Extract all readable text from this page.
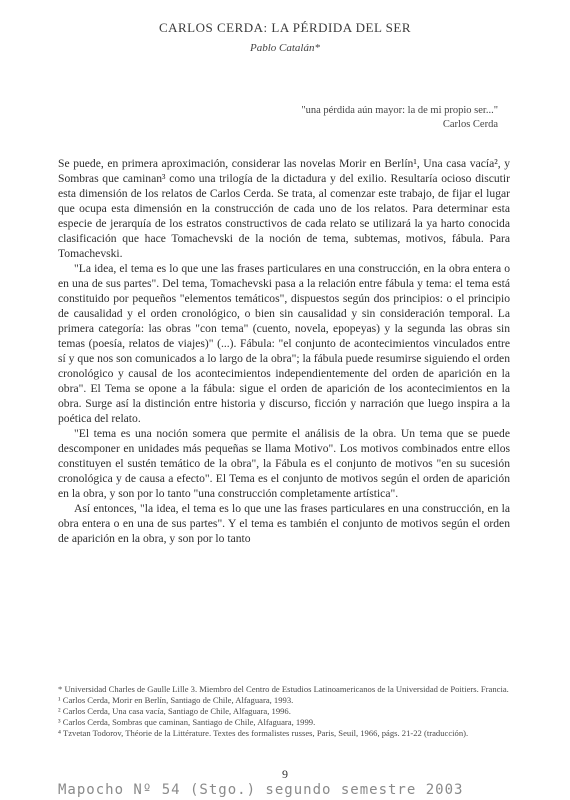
CARLOS CERDA: LA PÉRDIDA DEL SER
Pablo Catalán*
"una pérdida aún mayor: la de mi propio ser..."
Carlos Cerda

Se puede, en primera aproximación, considerar las novelas Morir en Berlín¹, Una casa vacía², y Sombras que caminan³ como una trilogía de la dictadura y del exilio. Resultaría ocioso discutir esta dimensión de los relatos de Carlos Cerda. Se trata, al comenzar este trabajo, de fijar el lugar que ocupa esta dimensión en la construcción de cada uno de los relatos. Para determinar esta especie de jerarquía de los estratos constructivos de cada relato se utilizará la ya harto conocida clasificación que hace Tomachevski de la noción de tema, subtemas, motivos, fábula. Para Tomachevski.

"La idea, el tema es lo que une las frases particulares en una construcción, en la obra entera o en una de sus partes". Del tema, Tomachevski pasa a la relación entre fábula y tema: el tema está constituido por pequeños "elementos temáticos", dispuestos según dos principios: o el principio de causalidad y el orden cronológico, o bien sin causalidad y sin consideración temporal. La primera categoría: las obras "con tema" (cuento, novela, epopeyas) y la segunda las obras sin temas (poesía, relatos de viajes)" (...). Fábula: "el conjunto de acontecimientos vinculados entre sí y que nos son comunicados a lo largo de la obra"; la fábula puede resumirse siguiendo el orden cronológico y causal de los acontecimientos independientemente del orden de aparición en la obra". El Tema se opone a la fábula: sigue el orden de aparición de los acontecimientos en la obra. Surge así la distinción entre historia y discurso, ficción y narración que luego inspira a la poética del relato.

"El tema es una noción somera que permite el análisis de la obra. Un tema que se puede descomponer en unidades más pequeñas se llama Motivo". Los motivos combinados entre ellos constituyen el sustén temático de la obra", la Fábula es el conjunto de motivos "en su sucesión cronológica y de causa a efecto". El Tema es el conjunto de motivos según el orden de aparición en la obra, y son por lo tanto "una construcción completamente artística".

Así entonces, "la idea, el tema es lo que une las frases particulares en una construcción, en la obra entera o en una de sus partes". Y el tema es también el conjunto de motivos según el orden de aparición en la obra, y son por lo tanto

* Universidad Charles de Gaulle Lille 3. Miembro del Centro de Estudios Latinoamericanos de la Universidad de Poitiers. Francia.
¹ Carlos Cerda, Morir en Berlín, Santiago de Chile, Alfaguara, 1993.
² Carlos Cerda, Una casa vacía, Santiago de Chile, Alfaguara, 1996.
³ Carlos Cerda, Sombras que caminan, Santiago de Chile, Alfaguara, 1999.
⁴ Tzvetan Todorov, Théorie de la Littérature. Textes des formalistes russes, Paris, Seuil, 1966, págs. 21-22 (traducción).
9
Mapocho Nº 54 (Stgo.) segundo semestre 2003
